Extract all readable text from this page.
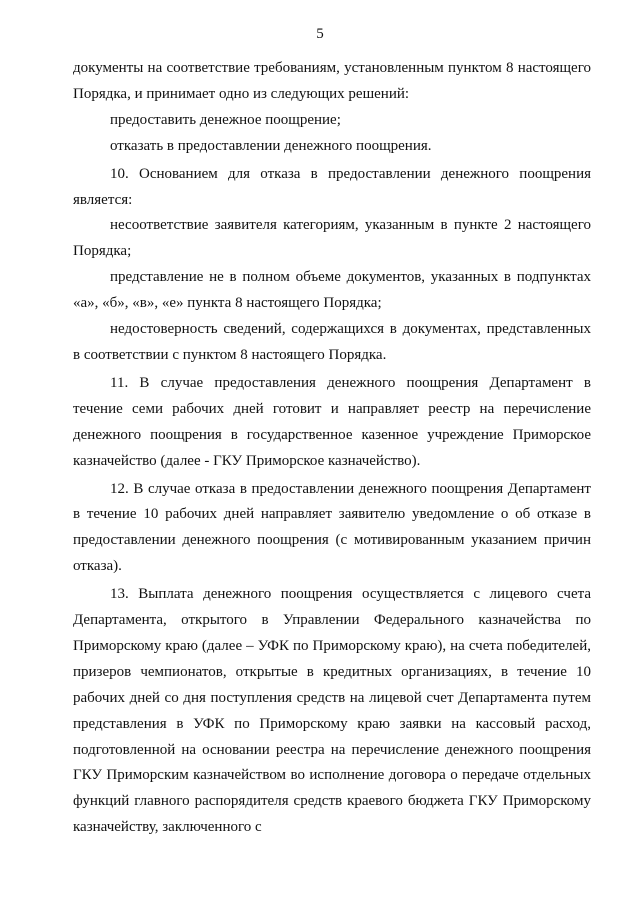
5

документы на соответствие требованиям, установленным пунктом 8 настоящего Порядка, и принимает одно из следующих решений:

предоставить денежное поощрение;

отказать в предоставлении денежного поощрения.

10. Основанием для отказа в предоставлении денежного поощрения является:

несоответствие заявителя категориям, указанным в пункте 2 настоящего Порядка;

представление не в полном объеме документов, указанных в подпунктах «а», «б», «в», «е» пункта 8 настоящего Порядка;

недостоверность сведений, содержащихся в документах, представленных в соответствии с пунктом 8 настоящего Порядка.

11. В случае предоставления денежного поощрения Департамент в течение семи рабочих дней готовит и направляет реестр на перечисление денежного поощрения в государственное казенное учреждение Приморское казначейство (далее - ГКУ Приморское казначейство).

12. В случае отказа в предоставлении денежного поощрения Департамент в течение 10 рабочих дней направляет заявителю уведомление о об отказе в предоставлении денежного поощрения (с мотивированным указанием причин отказа).

13. Выплата денежного поощрения осуществляется с лицевого счета Департамента, открытого в Управлении Федерального казначейства по Приморскому краю (далее – УФК по Приморскому краю), на счета победителей, призеров чемпионатов, открытые в кредитных организациях, в течение 10 рабочих дней со дня поступления средств на лицевой счет Департамента путем представления в УФК по Приморскому краю заявки на кассовый расход, подготовленной на основании реестра на перечисление денежного поощрения ГКУ Приморским казначейством во исполнение договора о передаче отдельных функций главного распорядителя средств краевого бюджета ГКУ Приморскому казначейству, заключенного с
